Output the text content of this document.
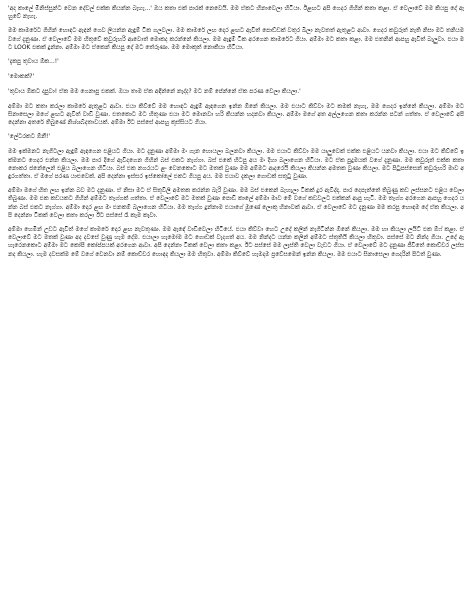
'අද කාලේ මිනිස්සුන්ට වෙන දේවල් එක්ක කියන්න බැහැ...' ඔය කතා එක් පාරක් නෙවෙයි. මම ඒකට හිනාවෙලා හිටියා. ඊළඟට අපි ගෙදර ගිහින් කතා කළා. ඒ වෙලාවේ මම කියපු දේ ඇහුවේ නැහැ.

මම කාමරේට ගිහින් හොඳට ඇඳන් ගෙව ලියන්න ඇඳුම් ටික ගලවලා. මම කාමරේ ලඟ දොර ළඟට ඇවිත් පොඩ්ඩක් වතුර බීලා නැවතත් ඇතුළට ආවා. ගෙදර කවුරුත් නැති නිසා මට තනියම වගේ දැනුණා. ඒ වෙලාවේ මම හිතුවේ කවුරුහරි ආවොත් මොකද කරන්නේ කියලා. මම ඇඳුම් ටික අරගෙන කාමරේට ගියා. අම්මා මට කතා කළා. මම එතනින් ආපහු ඇවිත් බැලුවා. එයා මට LOOK එකක් දුන්නා. අම්මා මට ඒකෙන් කියපු දේ මට තේරුණා. මම මොකුත් නොකියා හිටියා.

'දැකපු තුවාය ඕක...!'

'මොකක්?'

'තුවාය ඕකට දාපුවා! ඒක මම ගෙනාපු එකක්. ඔයා තාම ඒක අඳින්නේ නැද්ද? මට නම් පේන්නේ ඒක පරණ වෙලා කියලා.'

අම්මා මට කතා කරලා කාමරේ ඇතුළට ආවා. එයා කිව්වේ මම හොඳට ඇඳුම් ඇඳගෙන ඉන්න ඕනේ කියලා. මම එයාට කිව්වා මට කමක් නැහැ, මම ගෙදර ඉන්නේ කියලා. අම්මා මට සිනාසෙලා මගේ ළඟට ඇවිත් වාඩි වුණා. එතකොට මට හිතුණා එයා මට මොනවා හරි කියන්න හදනවා කියලා. අම්මා මගේ අත අල්ලගෙන කතා කරන්න පටන් ගත්තා. ඒ වෙලාවේ අපි දෙන්නා අතරේ තිබුණේ නිශ්ශබ්දතාවයක්. අම්මා ඊට පස්සේ ආපහු කුස්සියට ගියා.

'ලේටරකට ඕනී!'

මම ඉක්මනට නැගිටලා ඇඳුම් ඇඳගෙන එළියට ගියා. මට දැනුණා අම්මා මං ගැන හොයලා බලනවා කියලා. මම එයාට කිව්වා මම යාලුවෙක් එක්ක එළියට යනවා කියලා. එයා මට කිව්වේ ඉක්මනට ගෙදර එන්න කියලා. මම පාර දිගේ ඇවිදගෙන ගිහින් බස් එකට නැග්ගා. බස් එකේ හිටපු අය මං දිහා බලාගෙන හිටියා. මට ඒක පුදුමයක් වගේ දැනුණා. මම කවුරුත් එක්ක කතා නොකර ජනේලෙන් එළිය බලාගෙන හිටියා. බස් එක නගරයට ළං වෙනකොට මට මතක් වුණා මම අම්මට ආදරෙයි කියලා කියන්න අමතක වුණා කියලා. මට පිටුපස්සෙන් කවුරුහරි මාව අඳුරගත්තා. ඒ මගේ පරණ යාළුවෙක්. අපි දෙන්නා ඉස්සර ඉස්කෝලේ එකට ගියපු අය. මම එයාව දැකලා ගොඩක් සතුටු වුණා.

අම්මා මගේ හිත ලඟ ඉන්න බව මට දැනුණා. ඒ නිසා මට ඒ සිතුවිලි අමතක කරන්න බැරි වුණා. මම බස් එකෙන් බැහැලා ටිකක් දුර ඇවිද්දා. පාර දෙපැත්තේ තිබුණු කඩ ලස්සනට එළිය වෙලා තිබුණා. මම එක කඩයකට ගිහින් අම්මට තෑග්ගක් ගත්තා. ඒ වෙලාවේ මට මතක් වුණා පොඩි කාලේ අම්මා මාව මේ වගේ කඩවලට එක්කන් ආපු හැටි. මම තෑග්ග අරගෙන ආපහු ගෙදර යන්න බස් එකට නැග්ගා. අම්මා දොර ළඟ මං එනකම් බලාගෙන හිටියා. මම තෑග්ග දුන්නාම එයාගේ මූණේ ලොකු හිනාවක් ආවා. ඒ වෙලාවේ මට දැනුණා මම කරපු හොඳම දේ ඒක කියලා. අපි දෙන්නා ටිකක් වෙලා කතා කරලා ඊට පස්සේ රෑ කෑම කෑවා.

අම්මා හෙමින් උඩට ඇවිත් මගේ කාමරේ දොර ළඟ නැවතුණා. මම ඇඳේ වාඩිවෙලා හිටියේ. එයා කිව්වා හෙට උදේ කලින් නැගිටින්න ඕනේ කියලා. මම හා කියලා ලයිට් එක ඕෆ් කළා. ඒ වෙලාවේ මට මතක් වුණා අද දවසේ වුණු හැම දේම. එයාලා හැමෝම මට ගොඩක් වැදගත් අය. මම නින්දට යන්න කලින් අම්මට ස්තුතියි කියලා හිතුවා. පස්සේ මට නින්ද ගියා. උදේ ඇහැරෙනකොට අම්මා මට කෝපි කෝප්පයක් අරගෙන ආවා. අපි දෙන්නා ටිකක් වෙලා කතා කළා. ඊට පස්සේ මම ලෑස්ති වෙලා වැඩට ගියා. ඒ වෙලාවේ මට දැනුණා ජීවිතේ කොච්චර ලස්සනද කියලා. හැම දවසක්ම මේ වගේ වෙනවා නම් කොච්චර හොඳද කියලා මම හිතුවා. අම්මා කිව්වේ හැමදාම ප්‍රවේසමෙන් ඉන්න කියලා. මම එයාට සිනාසෙලා ගෙදරින් පිටත් වුණා.
